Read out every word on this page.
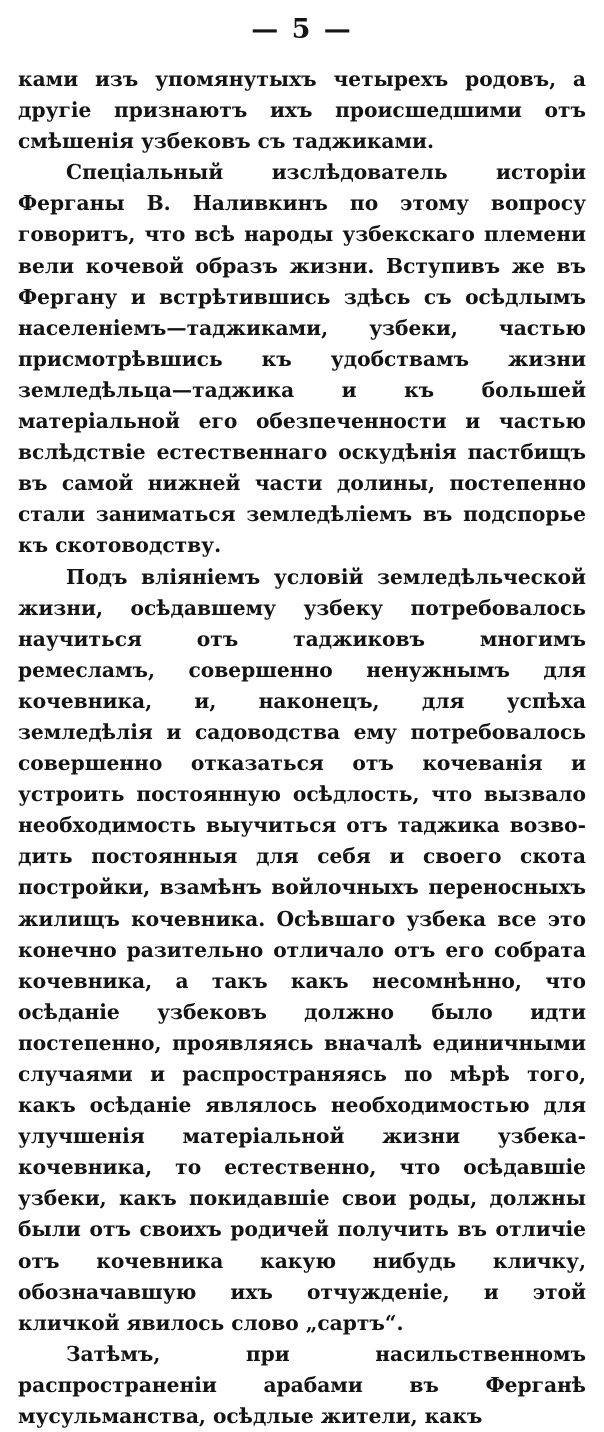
— 5 —

ками изъ упомянутыхъ четырехъ родовъ, а другіе признаютъ ихъ происшедшими отъ смѣшенія узбековъ съ таджиками.

Спеціальный изслѣдователь исторіи Ферганы В. Наливкинъ по этому вопросу говоритъ, что всѣ народы узбекскаго племени вели кочевой образъ жизни. Вступивъ же въ Фергану и встрѣтившись здѣсь съ осѣдлымъ населеніемъ—таджиками, узбеки, частью присмотрѣвшись къ удобствамъ жизни земледѣльца—таджика и къ большей матеріальной его обезпеченности и частью вслѣдствіе естественнаго оскудѣнія пастбищъ въ самой нижней части долины, постепенно стали заниматься земледѣліемъ въ подспорье къ скотоводству.

Подъ вліяніемъ условій земледѣльческой жизни, осѣдавшему узбеку потребовалось научиться отъ таджиковъ многимъ ремесламъ, совершенно ненужнымъ для кочевника, и, наконецъ, для успѣха земледѣлія и садоводства ему потребовалось совершенно отказаться отъ кочеванія и устроить постоянную осѣдлость, что вызвало необходимость выучиться отъ таджика возводить постоянныя для себя и своего скота постройки, взамѣнъ войлочныхъ переносныхъ жилищъ кочевника. Осѣвшаго узбека все это конечно разительно отличало отъ его собрата кочевника, а такъ какъ несомнѣнно, что осѣданіе узбековъ должно было идти постепенно, проявляясь вначалѣ единичными случаями и распространяясь по мѣрѣ того, какъ осѣданіе являлось необходимостью для улучшенія матеріальной жизни узбека-кочевника, то естественно, что осѣдавшіе узбеки, какъ покидавшіе свои роды, должны были отъ своихъ родичей получить въ отличіе отъ кочевника какую нибудь кличку, обозначавшую ихъ отчужденіе, и этой кличкой явилось слово „сартъ“.

Затѣмъ, при насильственномъ распространеніи арабами въ Ферганѣ мусульманства, осѣдлые жители, какъ
